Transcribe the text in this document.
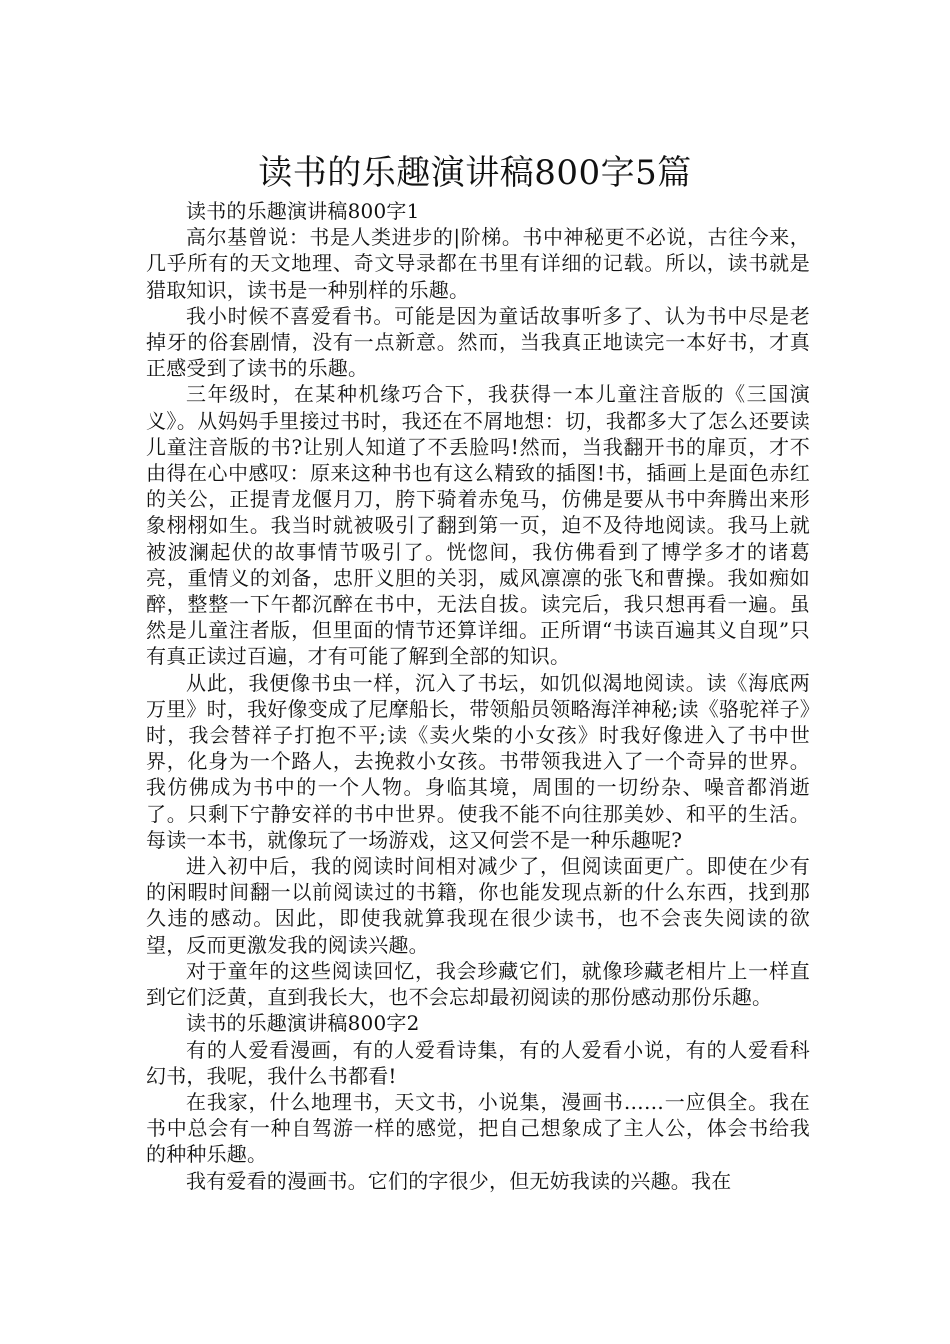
读书的乐趣演讲稿800字5篇

读书的乐趣演讲稿800字1

高尔基曾说：书是人类进步的|阶梯。书中神秘更不必说，古往今来，几乎所有的天文地理、奇文导录都在书里有详细的记载。所以，读书就是猎取知识，读书是一种别样的乐趣。

我小时候不喜爱看书。可能是因为童话故事听多了、认为书中尽是老掉牙的俗套剧情，没有一点新意。然而，当我真正地读完一本好书，才真正感受到了读书的乐趣。

三年级时，在某种机缘巧合下，我获得一本儿童注音版的《三国演义》。从妈妈手里接过书时，我还在不屑地想：切，我都多大了怎么还要读儿童注音版的书?让别人知道了不丢脸吗!然而，当我翻开书的扉页，才不由得在心中感叹：原来这种书也有这么精致的插图!书，插画上是面色赤红的关公，正提青龙偃月刀，胯下骑着赤兔马，仿佛是要从书中奔腾出来形象栩栩如生。我当时就被吸引了翻到第一页，迫不及待地阅读。我马上就被波澜起伏的故事情节吸引了。恍惚间，我仿佛看到了博学多才的诸葛亮，重情义的刘备，忠肝义胆的关羽，威风凛凛的张飞和曹操。我如痴如醉，整整一下午都沉醉在书中，无法自拔。读完后，我只想再看一遍。虽然是儿童注者版，但里面的情节还算详细。正所谓“书读百遍其义自现”只有真正读过百遍，才有可能了解到全部的知识。

从此，我便像书虫一样，沉入了书坛，如饥似渴地阅读。读《海底两万里》时，我好像变成了尼摩船长，带领船员领略海洋神秘;读《骆驼祥子》时，我会替祥子打抱不平;读《卖火柴的小女孩》时我好像进入了书中世界，化身为一个路人，去挽救小女孩。书带领我进入了一个奇异的世界。我仿佛成为书中的一个人物。身临其境，周围的一切纷杂、噪音都消逝了。只剩下宁静安祥的书中世界。使我不能不向往那美妙、和平的生活。每读一本书，就像玩了一场游戏，这又何尝不是一种乐趣呢?

进入初中后，我的阅读时间相对减少了，但阅读面更广。即使在少有的闲暇时间翻一以前阅读过的书籍，你也能发现点新的什么东西，找到那久违的感动。因此，即使我就算我现在很少读书，也不会丧失阅读的欲望，反而更激发我的阅读兴趣。

对于童年的这些阅读回忆，我会珍藏它们，就像珍藏老相片上一样直到它们泛黄，直到我长大，也不会忘却最初阅读的那份感动那份乐趣。

读书的乐趣演讲稿800字2

有的人爱看漫画，有的人爱看诗集，有的人爱看小说，有的人爱看科幻书，我呢，我什么书都看!

在我家，什么地理书，天文书，小说集，漫画书……一应俱全。我在书中总会有一种自驾游一样的感觉，把自己想象成了主人公，体会书给我的种种乐趣。

我有爱看的漫画书。它们的字很少，但无妨我读的兴趣。我在
